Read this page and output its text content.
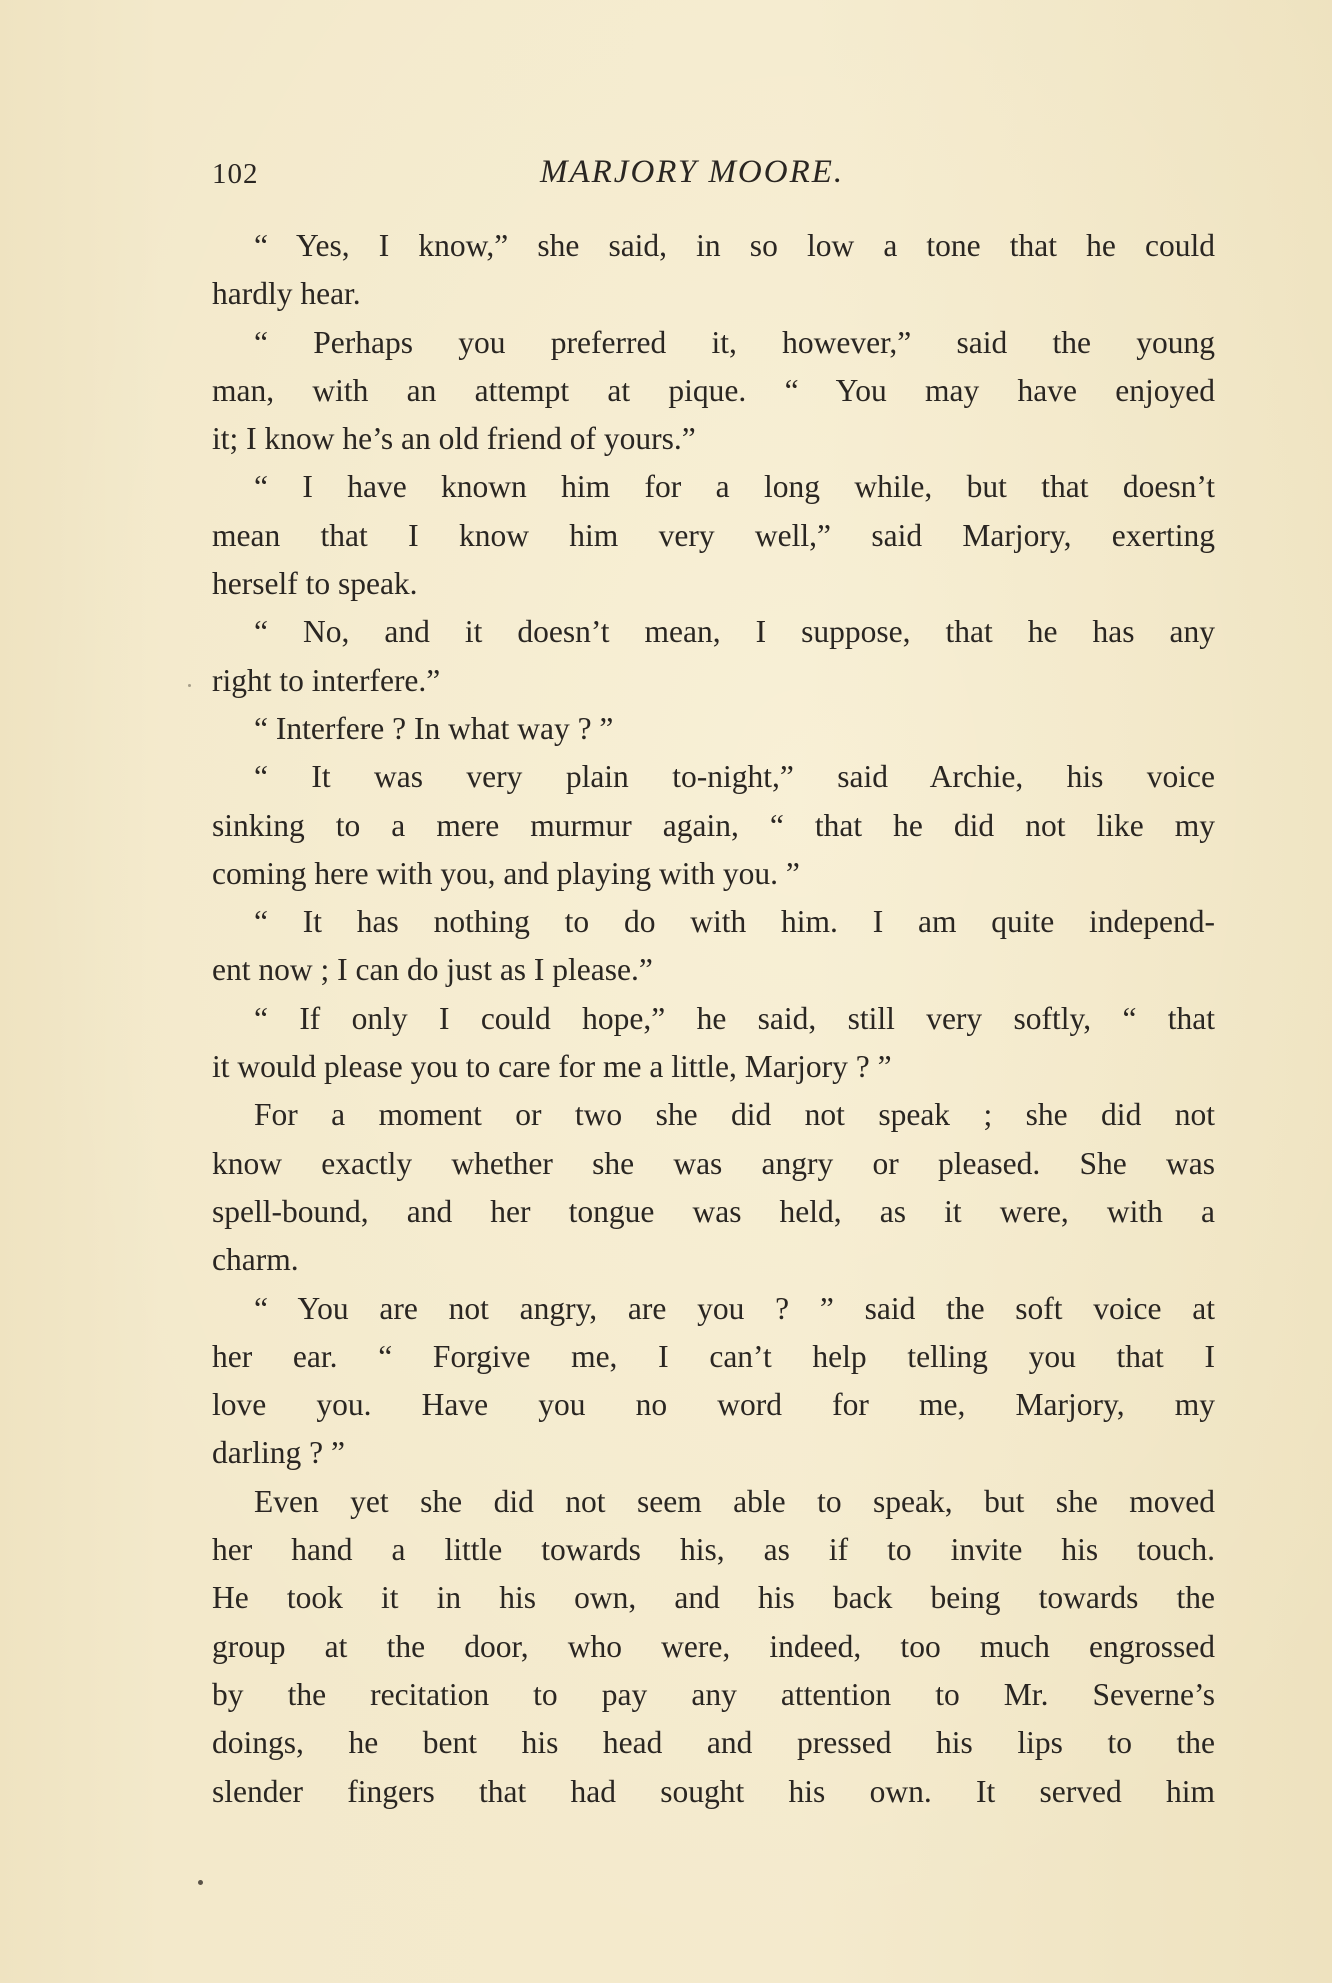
102	MARJORY MOORE.
“ Yes, I know,” she said, in so low a tone that he could
hardly hear.
“ Perhaps you preferred it, however,” said the young
man, with an attempt at pique. “ You may have enjoyed
it; I know he’s an old friend of yours.”
“ I have known him for a long while, but that doesn’t
mean that I know him very well,” said Marjory, exerting
herself to speak.
“ No, and it doesn’t mean, I suppose, that he has any
right to interfere.”
“ Interfere ? In what way ? ”
“ It was very plain to-night,” said Archie, his voice
sinking to a mere murmur again, “ that he did not like my
coming here with you, and playing with you. ”
“ It has nothing to do with him. I am quite independ-
ent now ; I can do just as I please.”
“ If only I could hope,” he said, still very softly, “ that
it would please you to care for me a little, Marjory ? ”
For a moment or two she did not speak ; she did not
know exactly whether she was angry or pleased. She was
spell-bound, and her tongue was held, as it were, with a
charm.
“ You are not angry, are you ? ” said the soft voice at
her ear. “ Forgive me, I can’t help telling you that I
love you. Have you no word for me, Marjory, my
darling ? ”
Even yet she did not seem able to speak, but she moved
her hand a little towards his, as if to invite his touch.
He took it in his own, and his back being towards the
group at the door, who were, indeed, too much engrossed
by the recitation to pay any attention to Mr. Severne’s
doings, he bent his head and pressed his lips to the
slender fingers that had sought his own. It served him
